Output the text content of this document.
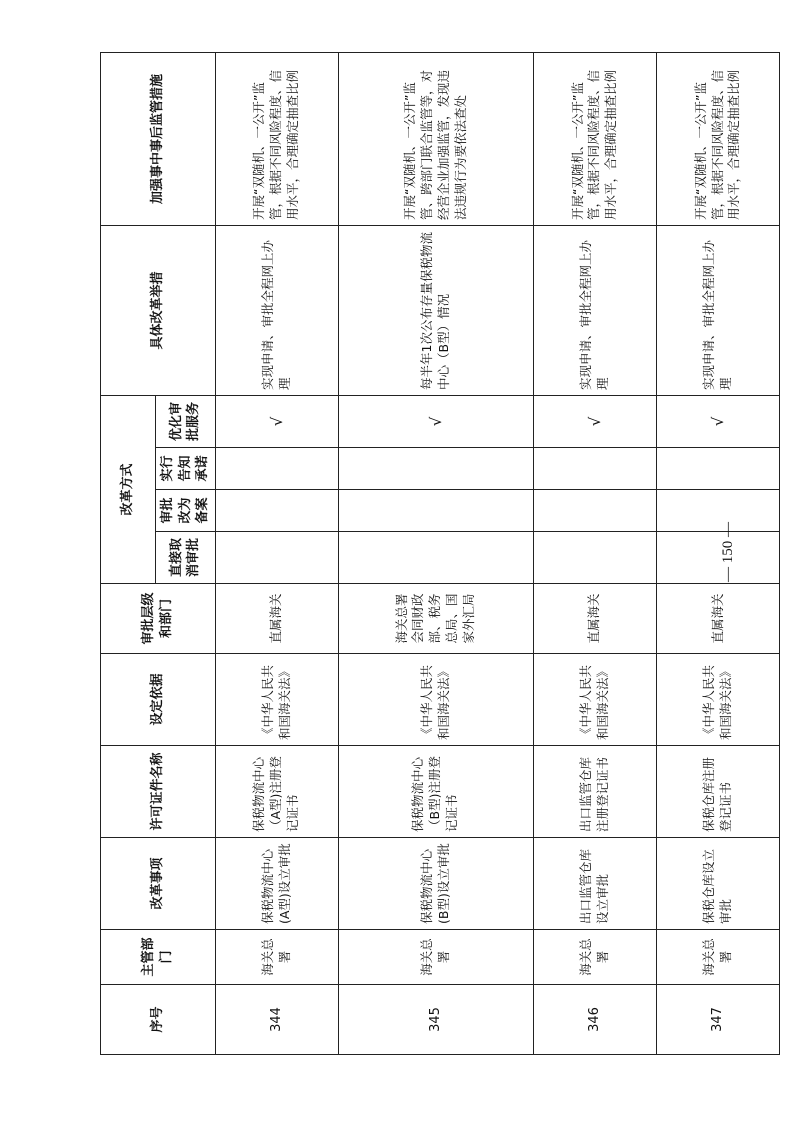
序号	主管部门	改革事项	许可证件名称	设定依据	审批层级和部门	改革方式				具体改革举措	加强事中事后监管措施
						直接取消审批	审批改为备案	实行告知承诺	优化审批服务		
344	海关总署	保税物流中心(A型)设立审批	保税物流中心（A型)注册登记证书	《中华人民共和国海关法》	直属海关				√	实现申请、审批全程网上办理	开展“双随机、一公开”监管，根据不同风险程度、信用水平，合理确定抽查比例
345	海关总署	保税物流中心(B型)设立审批	保税物流中心（B型)注册登记证书	《中华人民共和国海关法》	海关总署会同财政部、税务总局、国家外汇局				√	每半年1次公布存量保税物流中心（B型）情况	开展“双随机、一公开”监管、跨部门联合监管等，对经营企业加强监管，发现违法违规行为要依法查处
346	海关总署	出口监管仓库设立审批	出口监管仓库注册登记证书	《中华人民共和国海关法》	直属海关				√	实现申请、审批全程网上办理	开展“双随机、一公开”监管，根据不同风险程度、信用水平，合理确定抽查比例
347	海关总署	保税仓库设立审批	保税仓库注册登记证书	《中华人民共和国海关法》	直属海关				√	实现申请、审批全程网上办理	开展“双随机、一公开”监管，根据不同风险程度、信用水平，合理确定抽查比例
— 150 —
